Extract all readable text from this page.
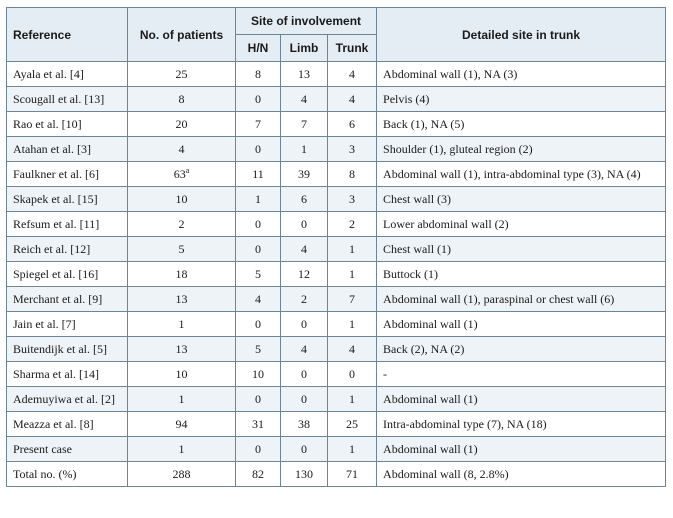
Reference	No. of patients	Site of involvement			Detailed site in trunk
		H/N	Limb	Trunk	
Ayala et al. [4]	25	8	13	4	Abdominal wall (1), NA (3)
Scougall et al. [13]	8	0	4	4	Pelvis (4)
Rao et al. [10]	20	7	7	6	Back (1), NA (5)
Atahan et al. [3]	4	0	1	3	Shoulder (1), gluteal region (2)
Faulkner et al. [6]	63$^a$	11	39	8	Abdominal wall (1), intra-abdominal type (3), NA (4)
Skapek et al. [15]	10	1	6	3	Chest wall (3)
Refsum et al. [11]	2	0	0	2	Lower abdominal wall (2)
Reich et al. [12]	5	0	4	1	Chest wall (1)
Spiegel et al. [16]	18	5	12	1	Buttock (1)
Merchant et al. [9]	13	4	2	7	Abdominal wall (1), paraspinal or chest wall (6)
Jain et al. [7]	1	0	0	1	Abdominal wall (1)
Buitendijk et al. [5]	13	5	4	4	Back (2), NA (2)
Sharma et al. [14]	10	10	0	0	-
Ademuyiwa et al. [2]	1	0	0	1	Abdominal wall (1)
Meazza et al. [8]	94	31	38	25	Intra-abdominal type (7), NA (18)
Present case	1	0	0	1	Abdominal wall (1)
Total no. (%)	288	82	130	71	Abdominal wall (8, 2.8%)
